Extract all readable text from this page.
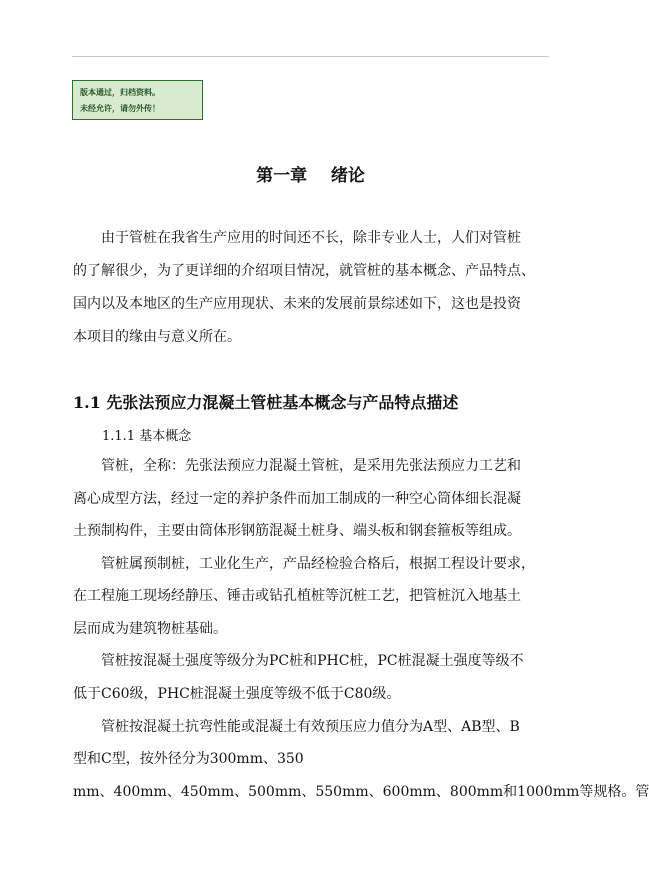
版本通过，归档资料。
未经允许，请勿外传！
第一章    绪论
由于管桩在我省生产应用的时间还不长，除非专业人士，人们对管桩
的了解很少，为了更详细的介绍项目情况，就管桩的基本概念、产品特点、
国内以及本地区的生产应用现状、未来的发展前景综述如下，这也是投资
本项目的缘由与意义所在。
1.1 先张法预应力混凝土管桩基本概念与产品特点描述
1.1.1 基本概念
管桩，全称：先张法预应力混凝土管桩，是采用先张法预应力工艺和
离心成型方法，经过一定的养护条件而加工制成的一种空心筒体细长混凝
土预制构件，主要由筒体形钢筋混凝土桩身、端头板和钢套箍板等组成。
管桩属预制桩，工业化生产，产品经检验合格后，根据工程设计要求，
在工程施工现场经静压、锤击或钻孔植桩等沉桩工艺，把管桩沉入地基土
层而成为建筑物桩基础。
管桩按混凝土强度等级分为PC桩和PHC桩，PC桩混凝土强度等级不
低于C60级，PHC桩混凝土强度等级不低于C80级。
管桩按混凝土抗弯性能或混凝土有效预压应力值分为A型、AB型、B
型和C型，按外径分为300mm、350
mm、400mm、450mm、500mm、550mm、600mm、800mm和1000mm等规格。管
